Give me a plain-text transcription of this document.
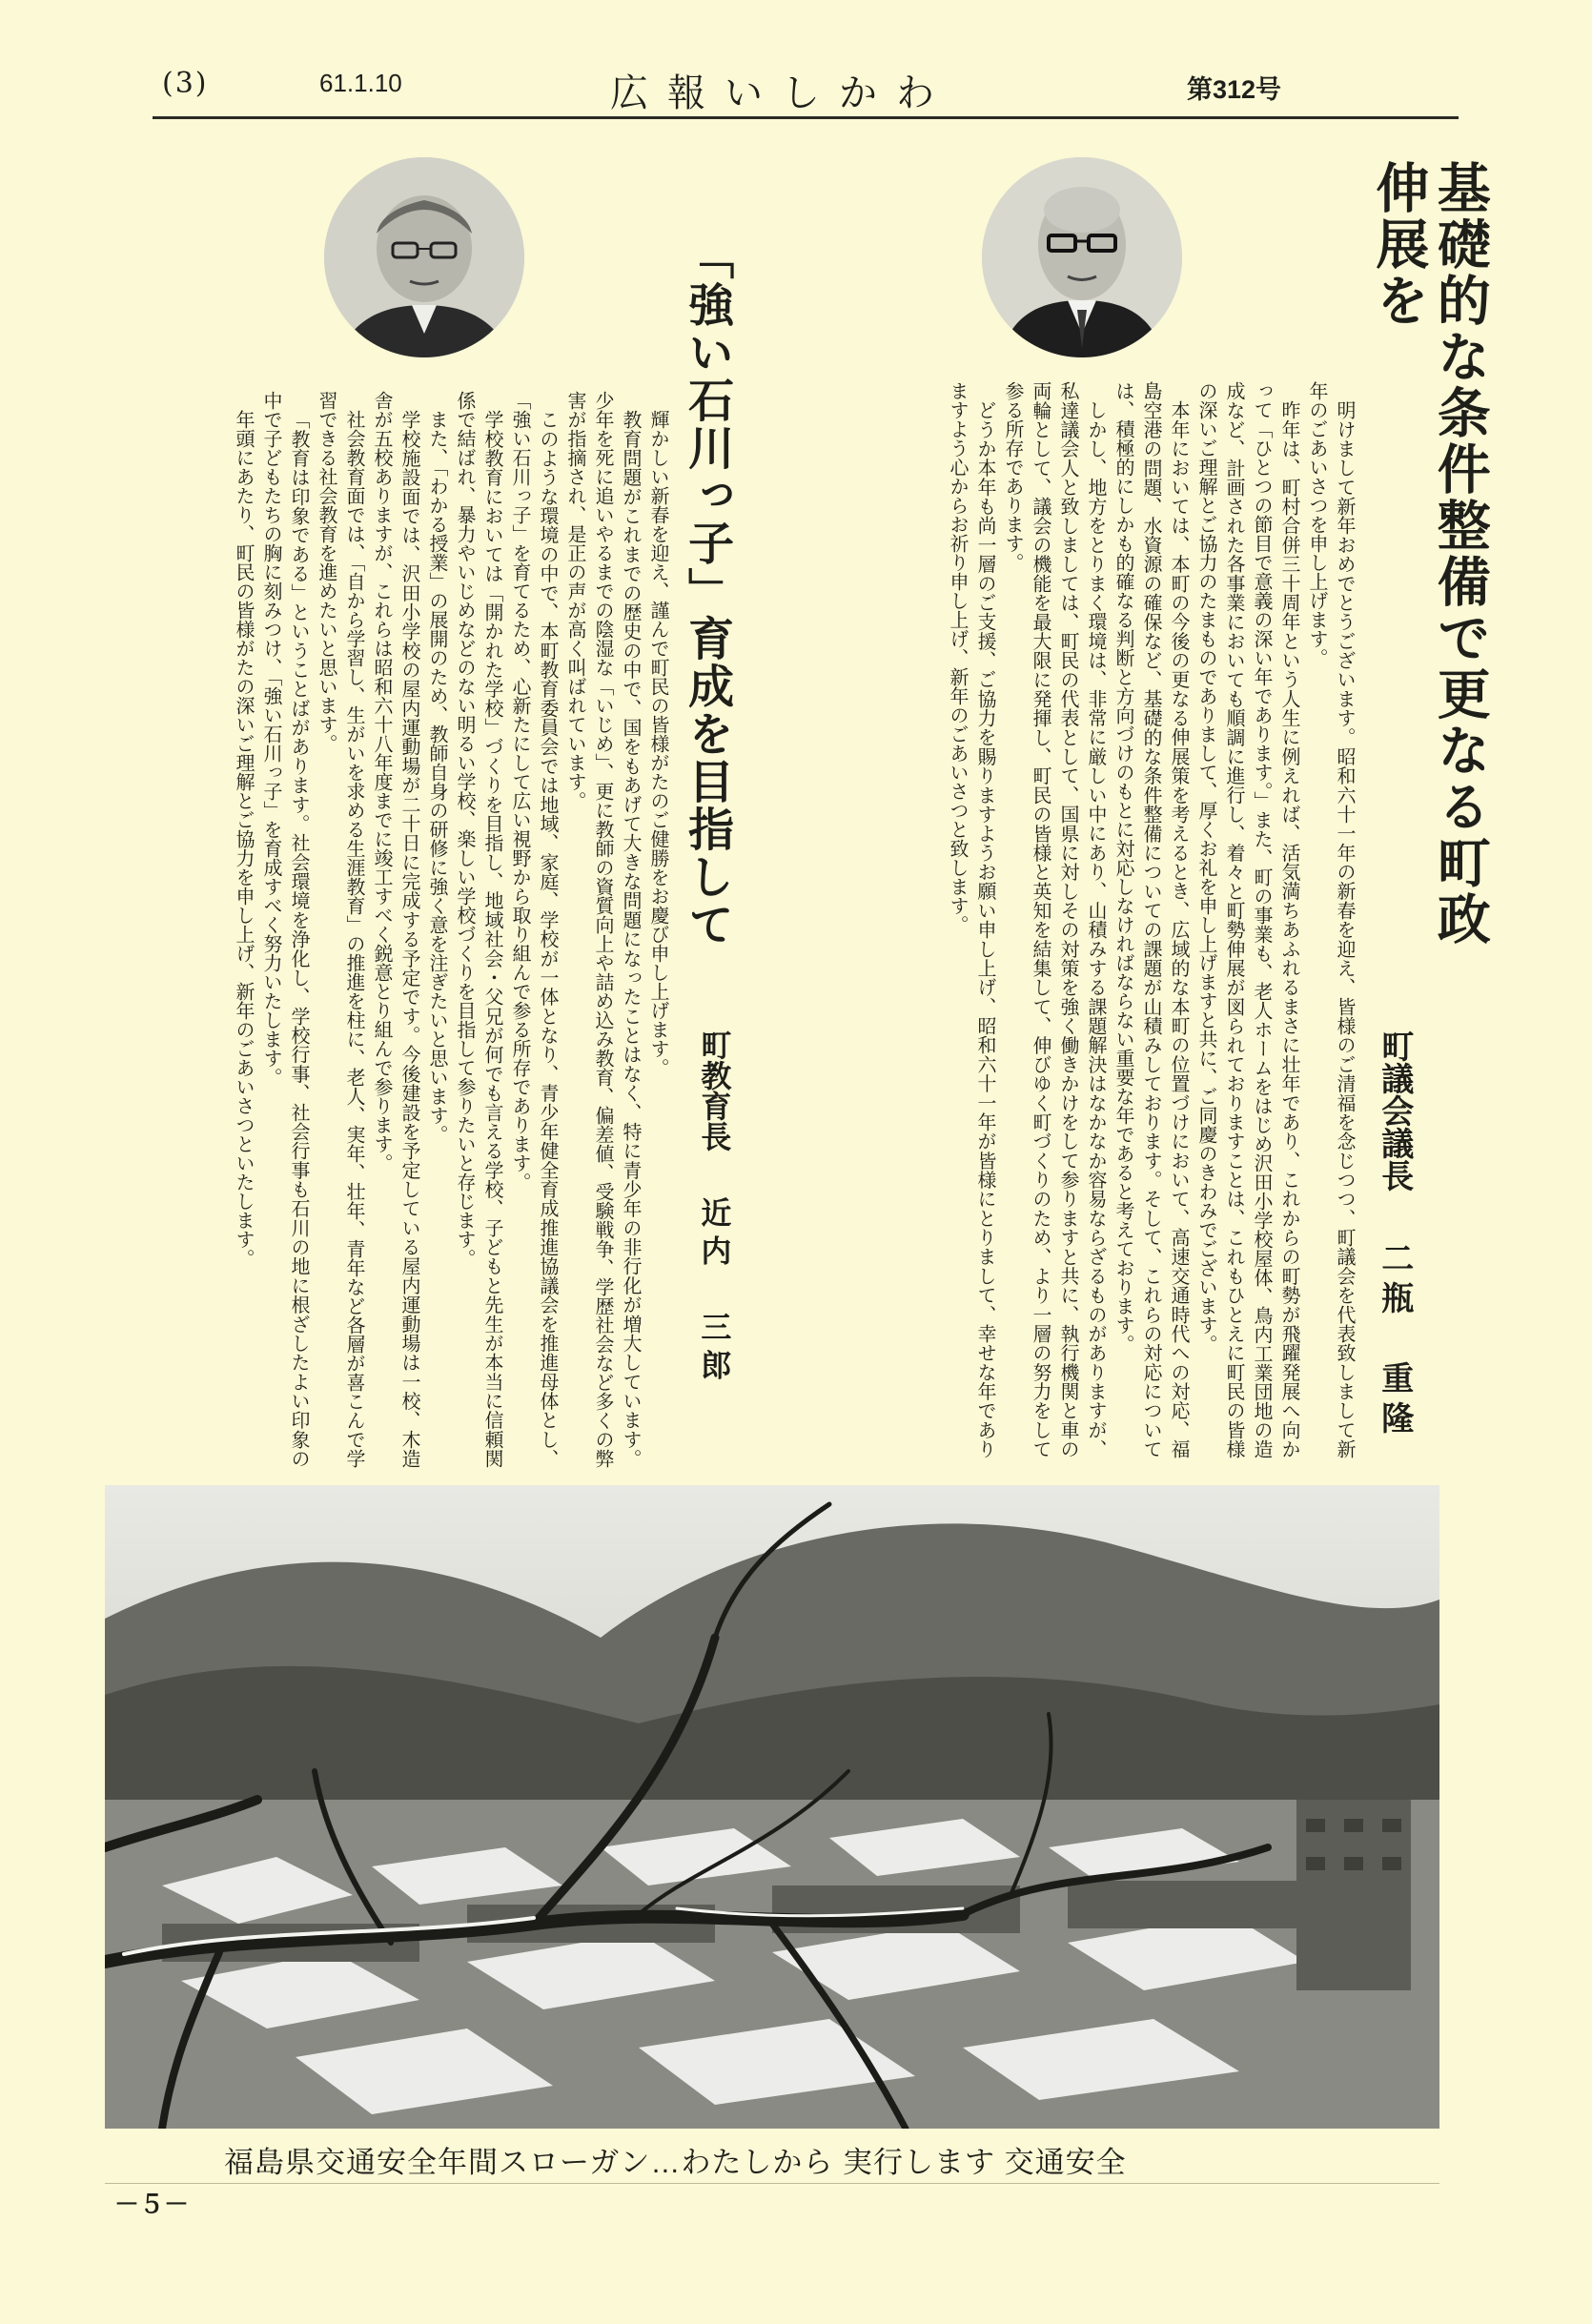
(3)	61.1.10	広報いしかわ	第312号
基礎的な条件整備で更なる町政伸展を
町議会議長 二瓶　重隆

明けまして新年おめでとうございます。昭和六十一年の新春を迎え、皆様のご清福を念じつつ、町議会を代表致しまして新年のごあいさつを申し上げます。

昨年は、町村合併三十周年という人生に例えれば、活気満ちあふれるまさに壮年であり、これからの町勢が飛躍発展へ向かって「ひとつの節目で意義の深い年であります。」また、町の事業も、老人ホームをはじめ沢田小学校屋体、鳥内工業団地の造成など、計画された各事業においても順調に進行し、着々と町勢伸展が図られておりますことは、これもひとえに町民の皆様の深いご理解とご協力のたまものでありまして、厚くお礼を申し上げますと共に、ご同慶のきわみでございます。

本年においては、本町の今後の更なる伸展策を考えるとき、広域的な本町の位置づけにおいて、高速交通時代への対応、福島空港の問題、水資源の確保など、基礎的な条件整備についての課題が山積みしております。そして、これらの対応については、積極的にしかも的確なる判断と方向づけのもとに対応しなければならない重要な年であると考えております。

しかし、地方をとりまく環境は、非常に厳しい中にあり、山積みする課題解決はなかなか容易ならざるものがありますが、私達議会人と致しましては、町民の代表として、国県に対しその対策を強く働きかけをして参りますと共に、執行機関と車の両輪として、議会の機能を最大限に発揮し、町民の皆様と英知を結集して、伸びゆく町づくりのため、より一層の努力をして参る所存であります。

どうか本年も尚一層のご支援、ご協力を賜りますようお願い申し上げ、昭和六十一年が皆様にとりまして、幸せな年でありますよう心からお祈り申し上げ、新年のごあいさつと致します。

「強い石川っ子」育成を目指して
町教育長 近内　三郎

輝かしい新春を迎え、謹んで町民の皆様がたのご健勝をお慶び申し上げます。

教育問題がこれまでの歴史の中で、国をもあげて大きな問題になったことはなく、特に青少年の非行化が増大しています。少年を死に追いやるまでの陰湿な「いじめ」、更に教師の資質向上や詰め込み教育、偏差値、受験戦争、学歴社会など多くの弊害が指摘され、是正の声が高く叫ばれています。

このような環境の中で、本町教育委員会では地域、家庭、学校が一体となり、青少年健全育成推進協議会を推進母体とし、「強い石川っ子」を育てるため、心新たにして広い視野から取り組んで参る所存であります。

学校教育においては「開かれた学校」づくりを目指し、地域社会・父兄が何でも言える学校、子どもと先生が本当に信頼関係で結ばれ、暴力やいじめなどのない明るい学校、楽しい学校づくりを目指して参りたいと存じます。

また、「わかる授業」の展開のため、教師自身の研修に強く意を注ぎたいと思います。

学校施設面では、沢田小学校の屋内運動場が二十日に完成する予定です。今後建設を予定している屋内運動場は一校、木造舎が五校ありますが、これらは昭和六十八年度までに竣工すべく鋭意とり組んで参ります。

社会教育面では、「自から学習し、生がいを求める生涯教育」の推進を柱に、老人、実年、壮年、青年など各層が喜こんで学習できる社会教育を進めたいと思います。

「教育は印象である」ということばがあります。社会環境を浄化し、学校行事、社会行事も石川の地に根ざしたよい印象の中で子どもたちの胸に刻みつけ、「強い石川っ子」を育成すべく努力いたします。

年頭にあたり、町民の皆様がたの深いご理解とご協力を申し上げ、新年のごあいさつといたします。

福島県交通安全年間スローガン…わたしから 実行します 交通安全
－５－
